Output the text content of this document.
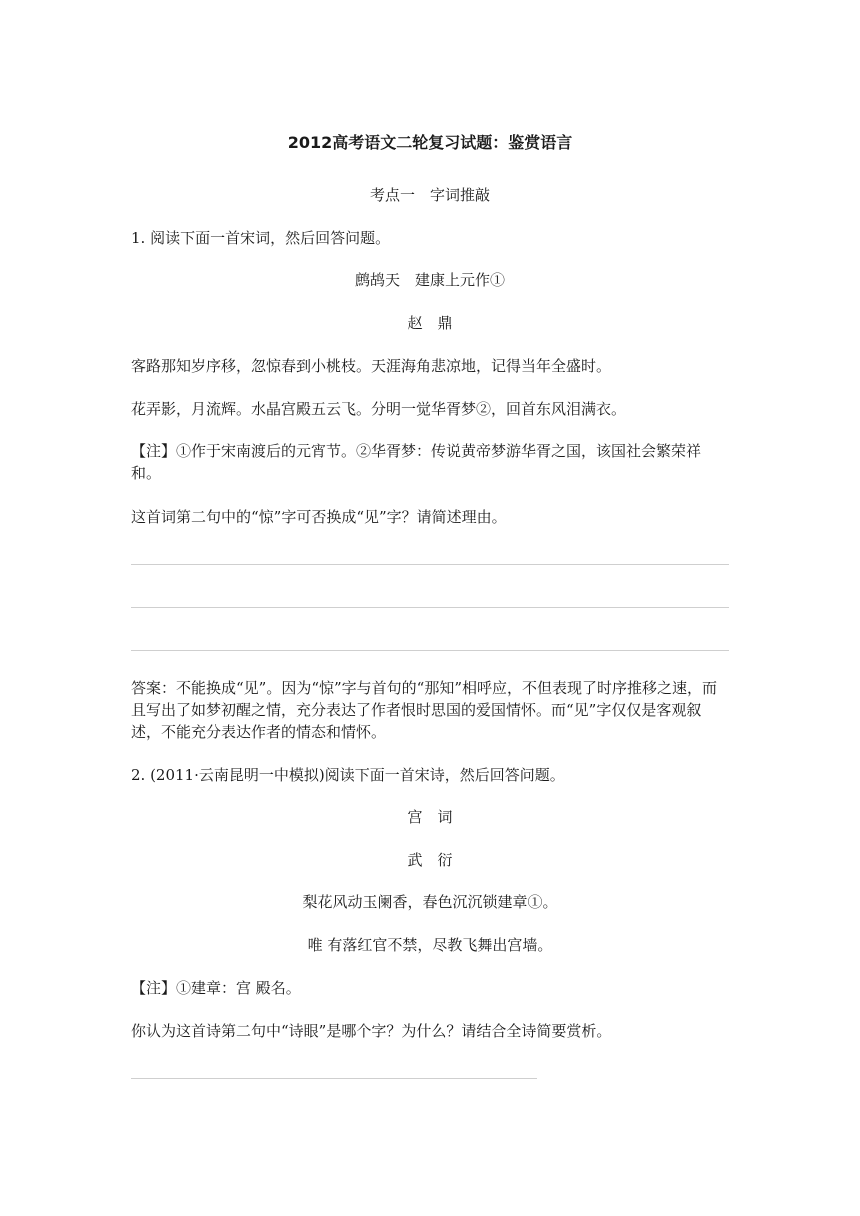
2012高考语文二轮复习试题：鉴赏语言
考点一　字词推敲
1. 阅读下面一首宋词，然后回答问题。
鹧鸪天　建康上元作①
赵　鼎
客路那知岁序移，忽惊春到小桃枝。天涯海角悲凉地，记得当年全盛时。
花弄影，月流辉。水晶宫殿五云飞。分明一觉华胥梦②，回首东风泪满衣。
【注】①作于宋南渡后的元宵节。②华胥梦：传说黄帝梦游华胥之国，该国社会繁荣祥和。
这首词第二句中的“惊”字可否换成“见”字？请简述理由。
答案：不能换成“见”。因为“惊”字与首句的“那知”相呼应，不但表现了时序推移之速，而且写出了如梦初醒之情，充分表达了作者恨时思国的爱国情怀。而“见”字仅仅是客观叙述，不能充分表达作者的情态和情怀。
2. (2011·云南昆明一中模拟)阅读下面一首宋诗，然后回答问题。
宫　词
武　衍
梨花风动玉阑香，春色沉沉锁建章①。
唯 有落红官不禁，尽教飞舞出宫墙。
【注】①建章：宫 殿名。
你认为这首诗第二句中“诗眼”是哪个字？为什么？请结合全诗简要赏析。
